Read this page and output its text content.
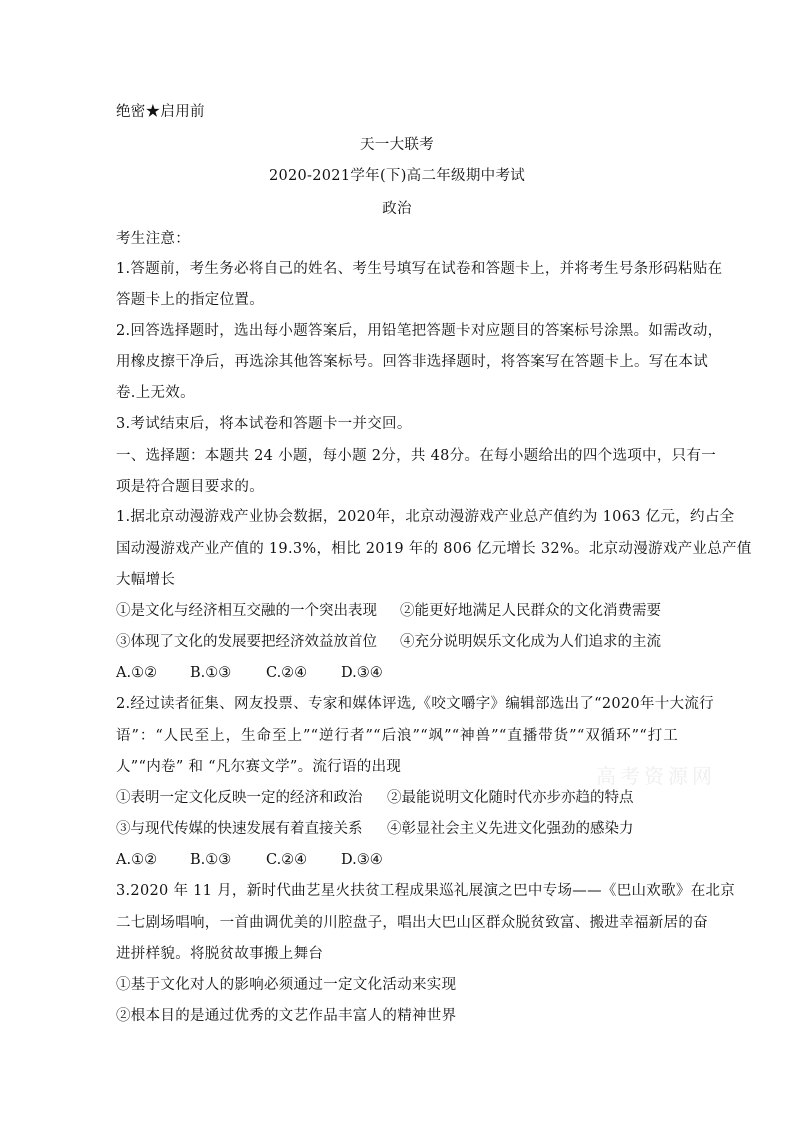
绝密★启用前
天一大联考
2020-2021学年(下)高二年级期中考试
政治
考生注意：
1.答题前，考生务必将自己的姓名、考生号填写在试卷和答题卡上，并将考生号条形码粘贴在
答题卡上的指定位置。
2.回答选择题时，选出每小题答案后，用铅笔把答题卡对应题目的答案标号涂黑。如需改动，
用橡皮擦干净后，再选涂其他答案标号。回答非选择题时，将答案写在答题卡上。写在本试
卷.上无效。
3.考试结束后，将本试卷和答题卡一并交回。
一、选择题：本题共 24 小题，每小题 2分，共 48分。在每小题给出的四个选项中，只有一
项是符合题目要求的。
1.据北京动漫游戏产业协会数据，2020年，北京动漫游戏产业总产值约为 1063 亿元，约占全
国动漫游戏产业产值的 19.3%，相比 2019 年的 806 亿元增长 32%。北京动漫游戏产业总产值
大幅增长
①是文化与经济相互交融的一个突出表现 ②能更好地满足人民群众的文化消费需要
③体现了文化的发展要把经济效益放首位 ④充分说明娱乐文化成为人们追求的主流
A.①② B.①③ C.②④ D.③④
2.经过读者征集、网友投票、专家和媒体评选,《咬文嚼字》编辑部选出了“2020年十大流行
语”：“人民至上，生命至上”“逆行者”“后浪”“飒”“神兽”“直播带货”“双循环”“打工
人”“内卷” 和 “凡尔赛文学”。流行语的出现
①表明一定文化反映一定的经济和政治 ②最能说明文化随时代亦步亦趋的特点
③与现代传媒的快速发展有着直接关系 ④彰显社会主义先进文化强劲的感染力
A.①② B.①③ C.②④ D.③④
3.2020 年 11 月，新时代曲艺星火扶贫工程成果巡礼展演之巴中专场——《巴山欢歌》在北京
二七剧场唱响，一首曲调优美的川腔盘子，唱出大巴山区群众脱贫致富、搬进幸福新居的奋
进拼样貌。将脱贫故事搬上舞台
①基于文化对人的影响必须通过一定文化活动来实现
②根本目的是通过优秀的文艺作品丰富人的精神世界
高考资源网
